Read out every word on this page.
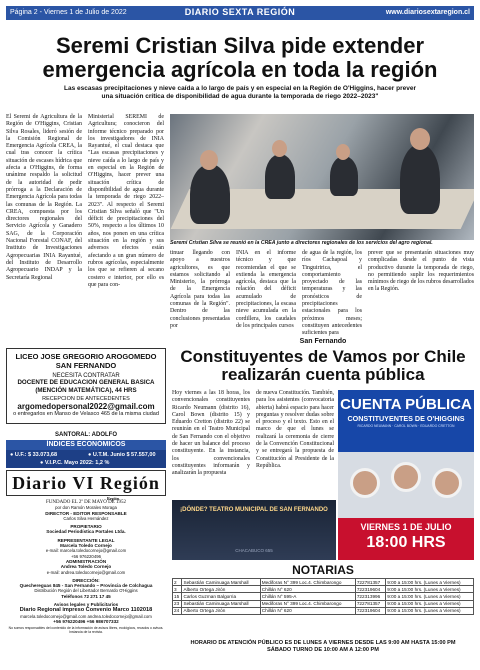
Página 2 - Viernes 1 de Julio de 2022	DIARIO SEXTA REGIÓN	www.diariosextaregion.cl
Seremi Cristian Silva pide extender emergencia agrícola en toda la región
Las escasas precipitaciones y nieve caída a lo largo de país y en especial en la Región de O'Higgins, hacer prever una situación crítica de disponibilidad de agua durante la temporada de riego 2022–2023"
El Seremi de Agricultura de la Región de O'Higgins, Cristian Silva Rosales, lideró sesión de la Comisión Regional de Emergencia Agrícola CREA, la cual tras conocer la crítica situación de escases hídrica que afecta a O'Higgins, de forma unánime respaldo la solicitud de la autoridad de pedir prórroga a la Declaración de Emergencia Agrícola para todas las comunas de la Región. La CREA, compuesta por los directores regionales del Servicio Agrícola y Ganadero SAG, de la Corporación Nacional Forestal CONAF, del Instituto de Investigaciones Agropecuarias INIA Rayantué, del Instituto de Desarrollo Agropecuario INDAP y la Secretaría Regional
Ministerial SEREMI de Agricultura; conocieron del informe técnico preparado por los investigadores de INIA Rayantué, el cual destaca que "Las escasas precipitaciones y nieve caída a lo largo de país y en especial en la Región de O'Higgins, hacer prever una situación crítica de disponibilidad de agua durante la temporada de riego 2022–2023". Al respecto el Seremi Cristian Silva señaló que "Un déficit de precipitaciones del 50%, respecto a los últimos 10 años, nos ponen en una crítica situación en la región y sus adversos efectos están afectando a un gran número de rubros agrícolas, especialmente los que se refieren al secano costero e interior, por ello es que para con-
Seremi Cristian Silva se reunió en la CREA junto a directores regionales de los servicios del agro regional.
tinuar llegando con apoyo a nuestros agricultores, es que estamos solicitando al Ministerio, la prórroga de la Emergencia Agrícola para todas las comunas de la Región". Dentro de las conclusiones presentadas por
INIA en el informe técnico y que recomiendan el que se extienda la emergencia agrícola, destaca que la relación del déficit acumulado de precipitaciones, la escasa nieve acumulada en la cordillera, los caudales de los principales cursos
de agua de la región, los ríos Cachapoal y Tinguiririca, el comportamiento proyectado de las temperaturas y las pronósticos de precipitaciones estacionales para los próximos meses; constituyen antecedentes suficientes para
prever que se presentarán situaciones muy complicadas desde el punto de vista productivo durante la temporada de riego, no permitiendo suplir los requerimientos mínimos de riego de los rubros desarrollados en la Región.
LICEO JOSE GREGORIO AROGOMEDO SAN FERNANDO
NECESITA CONTRATAR
DOCENTE DE EDUCACION GENERAL BASICA (MENCIÓN MATEMÁTICA), 44 HRS
RECEPCION DE ANTECEDENTES
argomedopersonal2022@gmail.com
o entregarlos en Manso de Velasco 465 de la misma ciudad
SANTORAL: ADOLFO
ÍNDICES ECONÓMICOS
● U.F.: $ 33.073,68	● U.T.M. Junio $ 57.557,00
● V.I.P.C. Mayo 2022: 1,2 %
Diario VI Región
Región
FUNDADO EL 2º DE MAYO DE 1952
por don Ramón Morales Moraga
DIRECTOR - EDITOR RESPONSABLE
Carlos Silva Hernández
PROPIETARIO
Sociedad Periodística Portales Ltda.
REPRESENTANTE LEGAL
Marcela Toledo Cornejo
e-mail: marcela.toledocornejo@gmail.com
+56 976220496
ADMINISTRACIÓN
Andrea Toledo Cornejo
e-mail: andrea.toledocornejo@gmail.com
DIRECCIÓN:
Quechereguas 845 - San Fernando – Provincia de Colchagua
Distribución Región del Libertador Bernardo O'Higgins
Teléfonos 72 271 17 45
Avisos legales y Publicitarios
Diario Regional impreso Convenio Marco 1102018
marcela.toledocornejo@gmail.com andrea.toledocornejo@gmail.com
+56 976220496 +56 986707332
No somos responsables del contenido de la información de avisos libres, ecológicos, recados o avisos. Instancia de la revista.
San Fernando
Constituyentes de Vamos por Chile realizarán cuenta pública
Hoy viernes a las 18 horas, los convencionales constituyentes Ricardo Neumann (distrito 16), Carol Bown (distrito 15) y Eduardo Cretton (distrito 22) se reunirán en el Teatro Municipal de San Fernando con el objetivo de hacer un balance del proceso constituyente. En la instancia, los convencionales constituyentes informarán y analizarán la propuesta
de nueva Constitución. También, para los asistentes (convocatoria abierta) habrá espacio para hacer preguntas y resolver dudas sobre el proceso y el texto. Esto en el marco de que el lunes se realizará la ceremonia de cierre de la Convención Constitucional y se entregará la propuesta de Constitución al Presidente de la República.
CUENTA PÚBLICA
CONSTITUYENTES DE O'HIGGINS
RICARDO NEUMANN · CAROL BOWN · EDUARDO CRETTON
VIERNES 1 DE JULIO
18:00 HRS
¡DÓNDE? TEATRO MUNICIPAL DE SAN FERNANDO
CHACABUCO 655
NOTARIAS
2	Sebastián Caminuaga Marshall	Mediforas N° 399 Loc.4. Chimbarongo	722781357	9:00 a 15:00 hrs. (Lunes a Viernes)
3	Alberto Ortega Jirón	Chillán N° 620	722319604	9:00 a 15:00 hrs. (Lunes a Viernes)
15	Carlos Guzman Balgorria	Chillán N° 595-A	722313996	9:00 a 15:00 hrs. (Lunes a Viernes)
23	Sebastián Caminuaga Marshall	Mediforas N° 399 Loc.4. Chimbarongo	722781357	9:00 a 15:00 hrs. (Lunes a Viernes)
24	Alberto Ortega Jirón	Chillán N° 620	722319604	9:00 a 15:00 hrs. (Lunes a Viernes)
HORARIO DE ATENCIÓN PÚBLICO ES DE LUNES A VIERNES DESDE LAS 9:00 AM HASTA 15:00 PM
SÁBADO TURNO DE 10:00 AM A 12:00 PM
